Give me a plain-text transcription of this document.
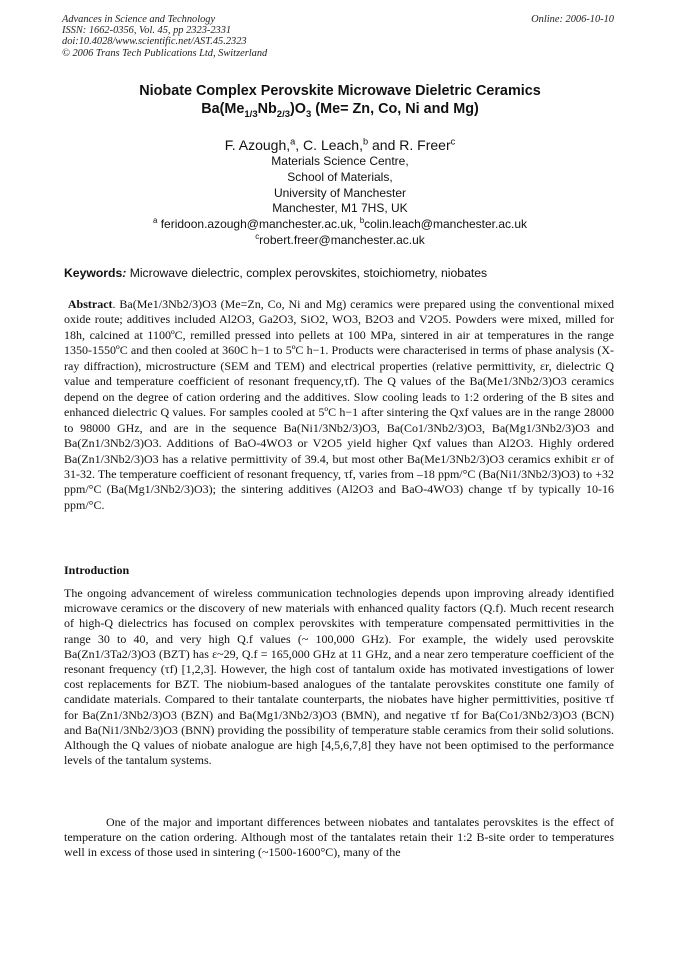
Advances in Science and Technology
ISSN: 1662-0356, Vol. 45, pp 2323-2331
doi:10.4028/www.scientific.net/AST.45.2323
© 2006 Trans Tech Publications Ltd, Switzerland
Online: 2006-10-10
Niobate Complex Perovskite Microwave Dieletric Ceramics
$Ba(Me_{1/3}Nb_{2/3})O_3$ (Me= Zn, Co, Ni and Mg)
F. Azough,$^a$, C. Leach,$^b$ and R. Freer$^c$
Materials Science Centre,
School of Materials,
University of Manchester
Manchester, M1 7HS, UK
$^a$ feridoon.azough@manchester.ac.uk, $^b$colin.leach@manchester.ac.uk
$^c$robert.freer@manchester.ac.uk
Keywords: Microwave dielectric, complex perovskites, stoichiometry, niobates

Abstract. Ba(Me1/3Nb2/3)O3 (Me=Zn, Co, Ni and Mg) ceramics were prepared using the conventional mixed oxide route; additives included Al2O3, Ga2O3, SiO2, WO3, B2O3 and V2O5. Powders were mixed, milled for 18h, calcined at 1100ºC, remilled pressed into pellets at 100 MPa, sintered in air at temperatures in the range 1350-1550ºC and then cooled at 360C h−1 to 5ºC h−1. Products were characterised in terms of phase analysis (X-ray diffraction), microstructure (SEM and TEM) and electrical properties (relative permittivity, εr, dielectric Q value and temperature coefficient of resonant frequency,τf). The Q values of the Ba(Me1/3Nb2/3)O3 ceramics depend on the degree of cation ordering and the additives. Slow cooling leads to 1:2 ordering of the B sites and enhanced dielectric Q values. For samples cooled at 5ºC h−1 after sintering the Qxf values are in the range 28000 to 98000 GHz, and are in the sequence Ba(Ni1/3Nb2/3)O3, Ba(Co1/3Nb2/3)O3, Ba(Mg1/3Nb2/3)O3 and Ba(Zn1/3Nb2/3)O3. Additions of BaO-4WO3 or V2O5 yield higher Qxf values than Al2O3. Highly ordered Ba(Zn1/3Nb2/3)O3 has a relative permittivity of 39.4, but most other Ba(Me1/3Nb2/3)O3 ceramics exhibit εr of 31-32. The temperature coefficient of resonant frequency, τf, varies from –18 ppm/°C (Ba(Ni1/3Nb2/3)O3) to +32 ppm/°C (Ba(Mg1/3Nb2/3)O3); the sintering additives (Al2O3 and BaO-4WO3) change τf by typically 10-16 ppm/°C.

Introduction

The ongoing advancement of wireless communication technologies depends upon improving already identified microwave ceramics or the discovery of new materials with enhanced quality factors (Q.f). Much recent research of high-Q dielectrics has focused on complex perovskites with temperature compensated permittivities in the range 30 to 40, and very high Q.f values (~ 100,000 GHz). For example, the widely used perovskite Ba(Zn1/3Ta2/3)O3 (BZT) has ε~29, Q.f = 165,000 GHz at 11 GHz, and a near zero temperature coefficient of the resonant frequency (τf) [1,2,3]. However, the high cost of tantalum oxide has motivated investigations of lower cost replacements for BZT. The niobium-based analogues of the tantalate perovskites constitute one family of candidate materials. Compared to their tantalate counterparts, the niobates have higher permittivities, positive τf for Ba(Zn1/3Nb2/3)O3 (BZN) and Ba(Mg1/3Nb2/3)O3 (BMN), and negative τf for Ba(Co1/3Nb2/3)O3 (BCN) and Ba(Ni1/3Nb2/3)O3 (BNN) providing the possibility of temperature stable ceramics from their solid solutions. Although the Q values of niobate analogue are high [4,5,6,7,8] they have not been optimised to the performance levels of the tantalum systems.

One of the major and important differences between niobates and tantalates perovskites is the effect of temperature on the cation ordering. Although most of the tantalates retain their 1:2 B-site order to temperatures well in excess of those used in sintering (~1500-1600°C), many of the
